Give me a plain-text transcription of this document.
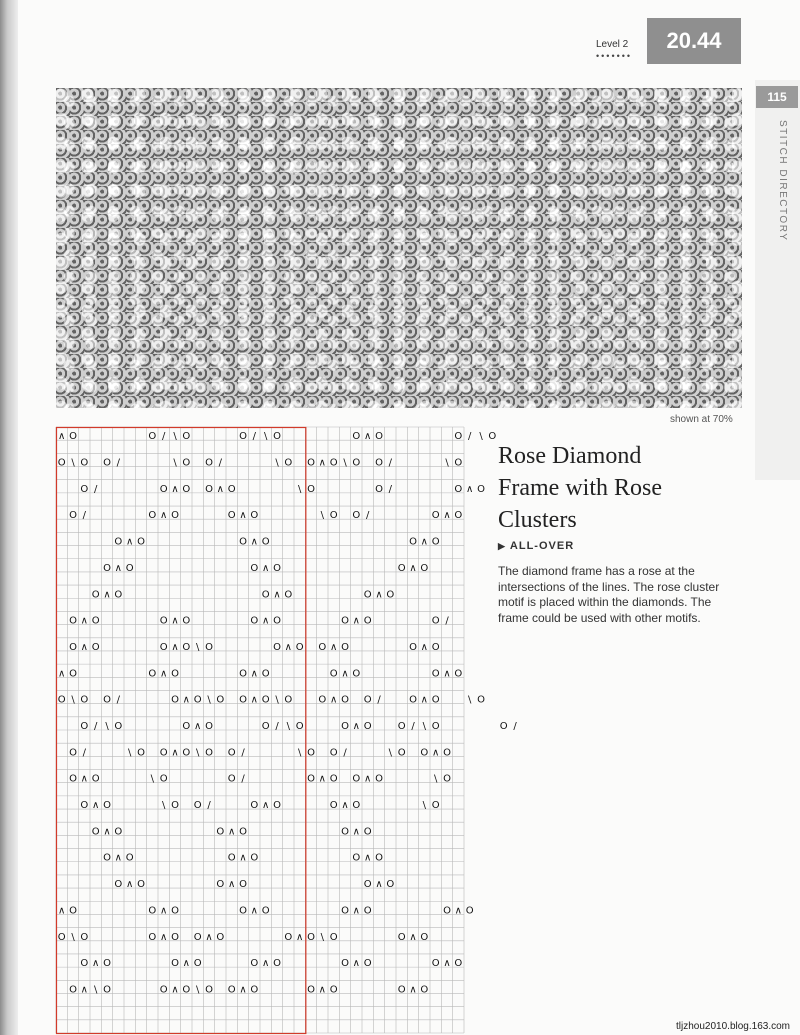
Level 2
•••••••
20.44
115
STITCH DIRECTORY
shown at 70%
∧ O	O / \ O	O / \ O	O ∧ O	O / \ O
O \ O O /	\ O O /	\ O O ∧ O \ O O /	\ O
O /	O ∧ O O ∧ O	\ O	O /	O ∧ O
O /	O ∧ O	O ∧ O	\ O O /	O ∧ O
O ∧ O	O ∧ O	O ∧ O
O ∧ O	O ∧ O	O ∧ O
O ∧ O	O ∧ O	O ∧ O
O ∧ O	O ∧ O	O ∧ O	O ∧ O	O /
O ∧ O	O ∧ O \ O	O ∧ O O ∧ O	O ∧ O
∧ O	O ∧ O	O ∧ O	O ∧ O	O ∧ O
O \ O O /	O ∧ O \ O O ∧ O \ O	O ∧ O O /	O ∧ O	\ O
O / \ O	O ∧ O	O / \ O	O ∧ O	O / \ O	O /
O /	\ O O ∧ O \ O O /	\ O O /	\ O O ∧ O
O ∧ O	\ O	O /	O ∧ O O ∧ O	\ O
O ∧ O	\ O O /	O ∧ O	O ∧ O	\ O
O ∧ O	O ∧ O	O ∧ O
O ∧ O	O ∧ O	O ∧ O
O ∧ O	O ∧ O	O ∧ O
∧ O	O ∧ O	O ∧ O	O ∧ O	O ∧ O
O \ O	O ∧ O O ∧ O	O ∧ O \ O	O ∧ O
O ∧ O	O ∧ O	O ∧ O	O ∧ O	O ∧ O
O ∧ \ O	O ∧ O \ O O ∧ O	O ∧ O	O ∧ O
Rose Diamond
Frame with Rose
Clusters
▶ ALL-OVER
The diamond frame has a rose at the intersections of the lines. The rose cluster motif is placed within the diamonds. The frame could be used with other motifs.
tljzhou2010.blog.163.com
